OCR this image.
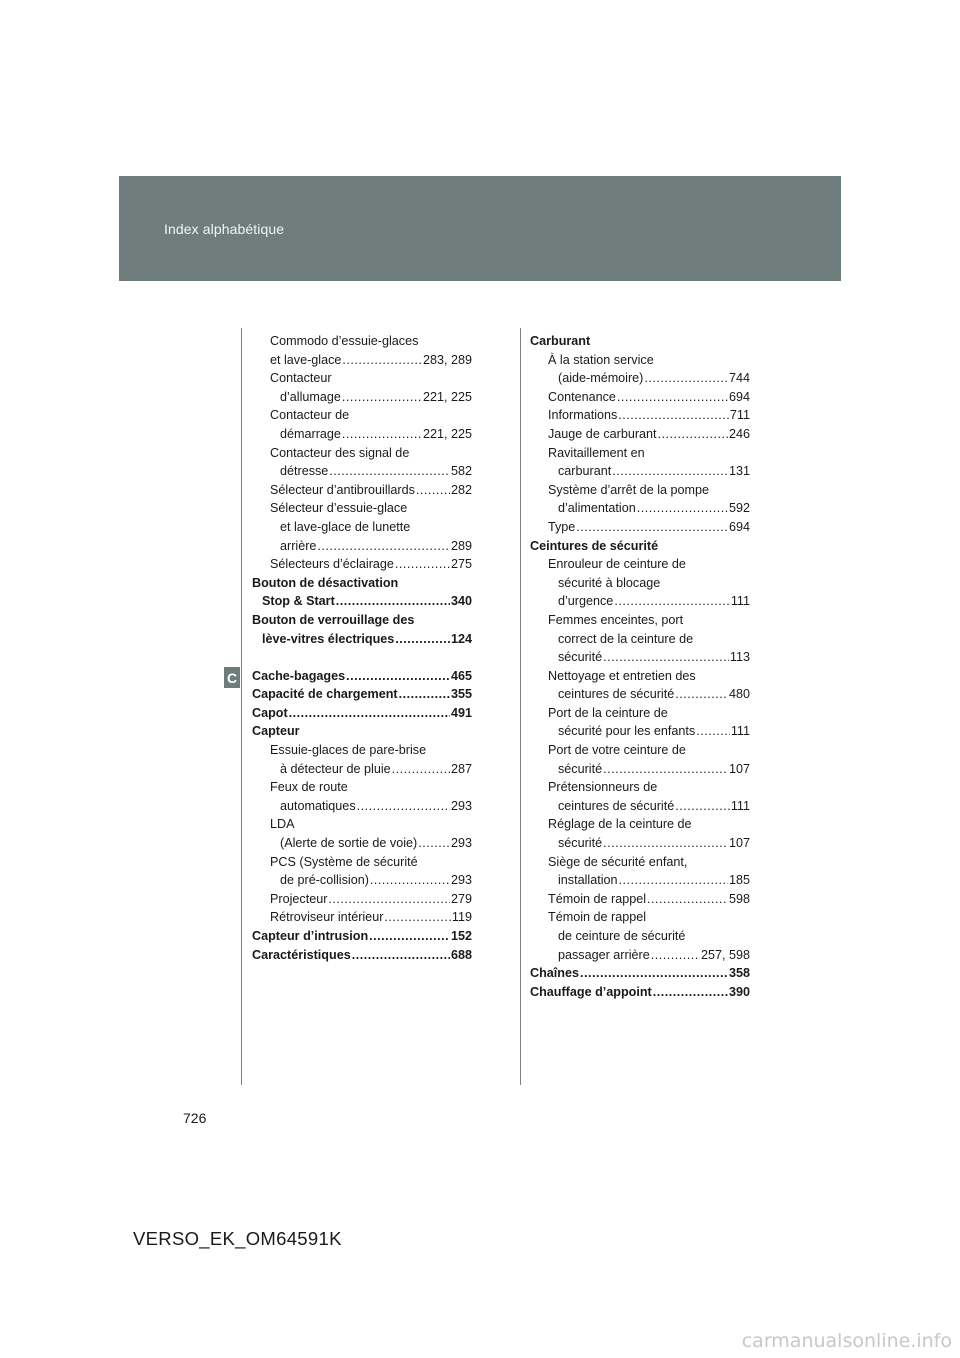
Index alphabétique
C
Commodo d’essuie-glaces
et lave-glace .....	283, 289
Contacteur
d’allumage .....	221, 225
Contacteur de
démarrage .....	221, 225
Contacteur des signal de
détresse .....	582
Sélecteur d’antibrouillards .....	282
Sélecteur d’essuie-glace
et lave-glace de lunette
arrière .....	289
Sélecteurs d’éclairage .....	275
Bouton de désactivation
Stop & Start .....	340
Bouton de verrouillage des
lève-vitres électriques .....	124
Cache-bagages .....	465
Capacité de chargement .....	355
Capot .....	491
Capteur
Essuie-glaces de pare-brise
à détecteur de pluie .....	287
Feux de route
automatiques .....	293
LDA
(Alerte de sortie de voie) .....	293
PCS (Système de sécurité
de pré-collision) .....	293
Projecteur .....	279
Rétroviseur intérieur .....	119
Capteur d’intrusion .....	152
Caractéristiques .....	688
Carburant
À la station service
(aide-mémoire) .....	744
Contenance .....	694
Informations .....	711
Jauge de carburant .....	246
Ravitaillement en
carburant .....	131
Système d’arrêt de la pompe
d’alimentation .....	592
Type .....	694
Ceintures de sécurité
Enrouleur de ceinture de
sécurité à blocage
d’urgence .....	111
Femmes enceintes, port
correct de la ceinture de
sécurité .....	113
Nettoyage et entretien des
ceintures de sécurité .....	480
Port de la ceinture de
sécurité pour les enfants .....	111
Port de votre ceinture de
sécurité .....	107
Prétensionneurs de
ceintures de sécurité .....	111
Réglage de la ceinture de
sécurité .....	107
Siège de sécurité enfant,
installation .....	185
Témoin de rappel .....	598
Témoin de rappel
de ceinture de sécurité
passager arrière .....	257, 598
Chaînes .....	358
Chauffage d’appoint .....	390
726
VERSO_EK_OM64591K
carmanualsonline.info
